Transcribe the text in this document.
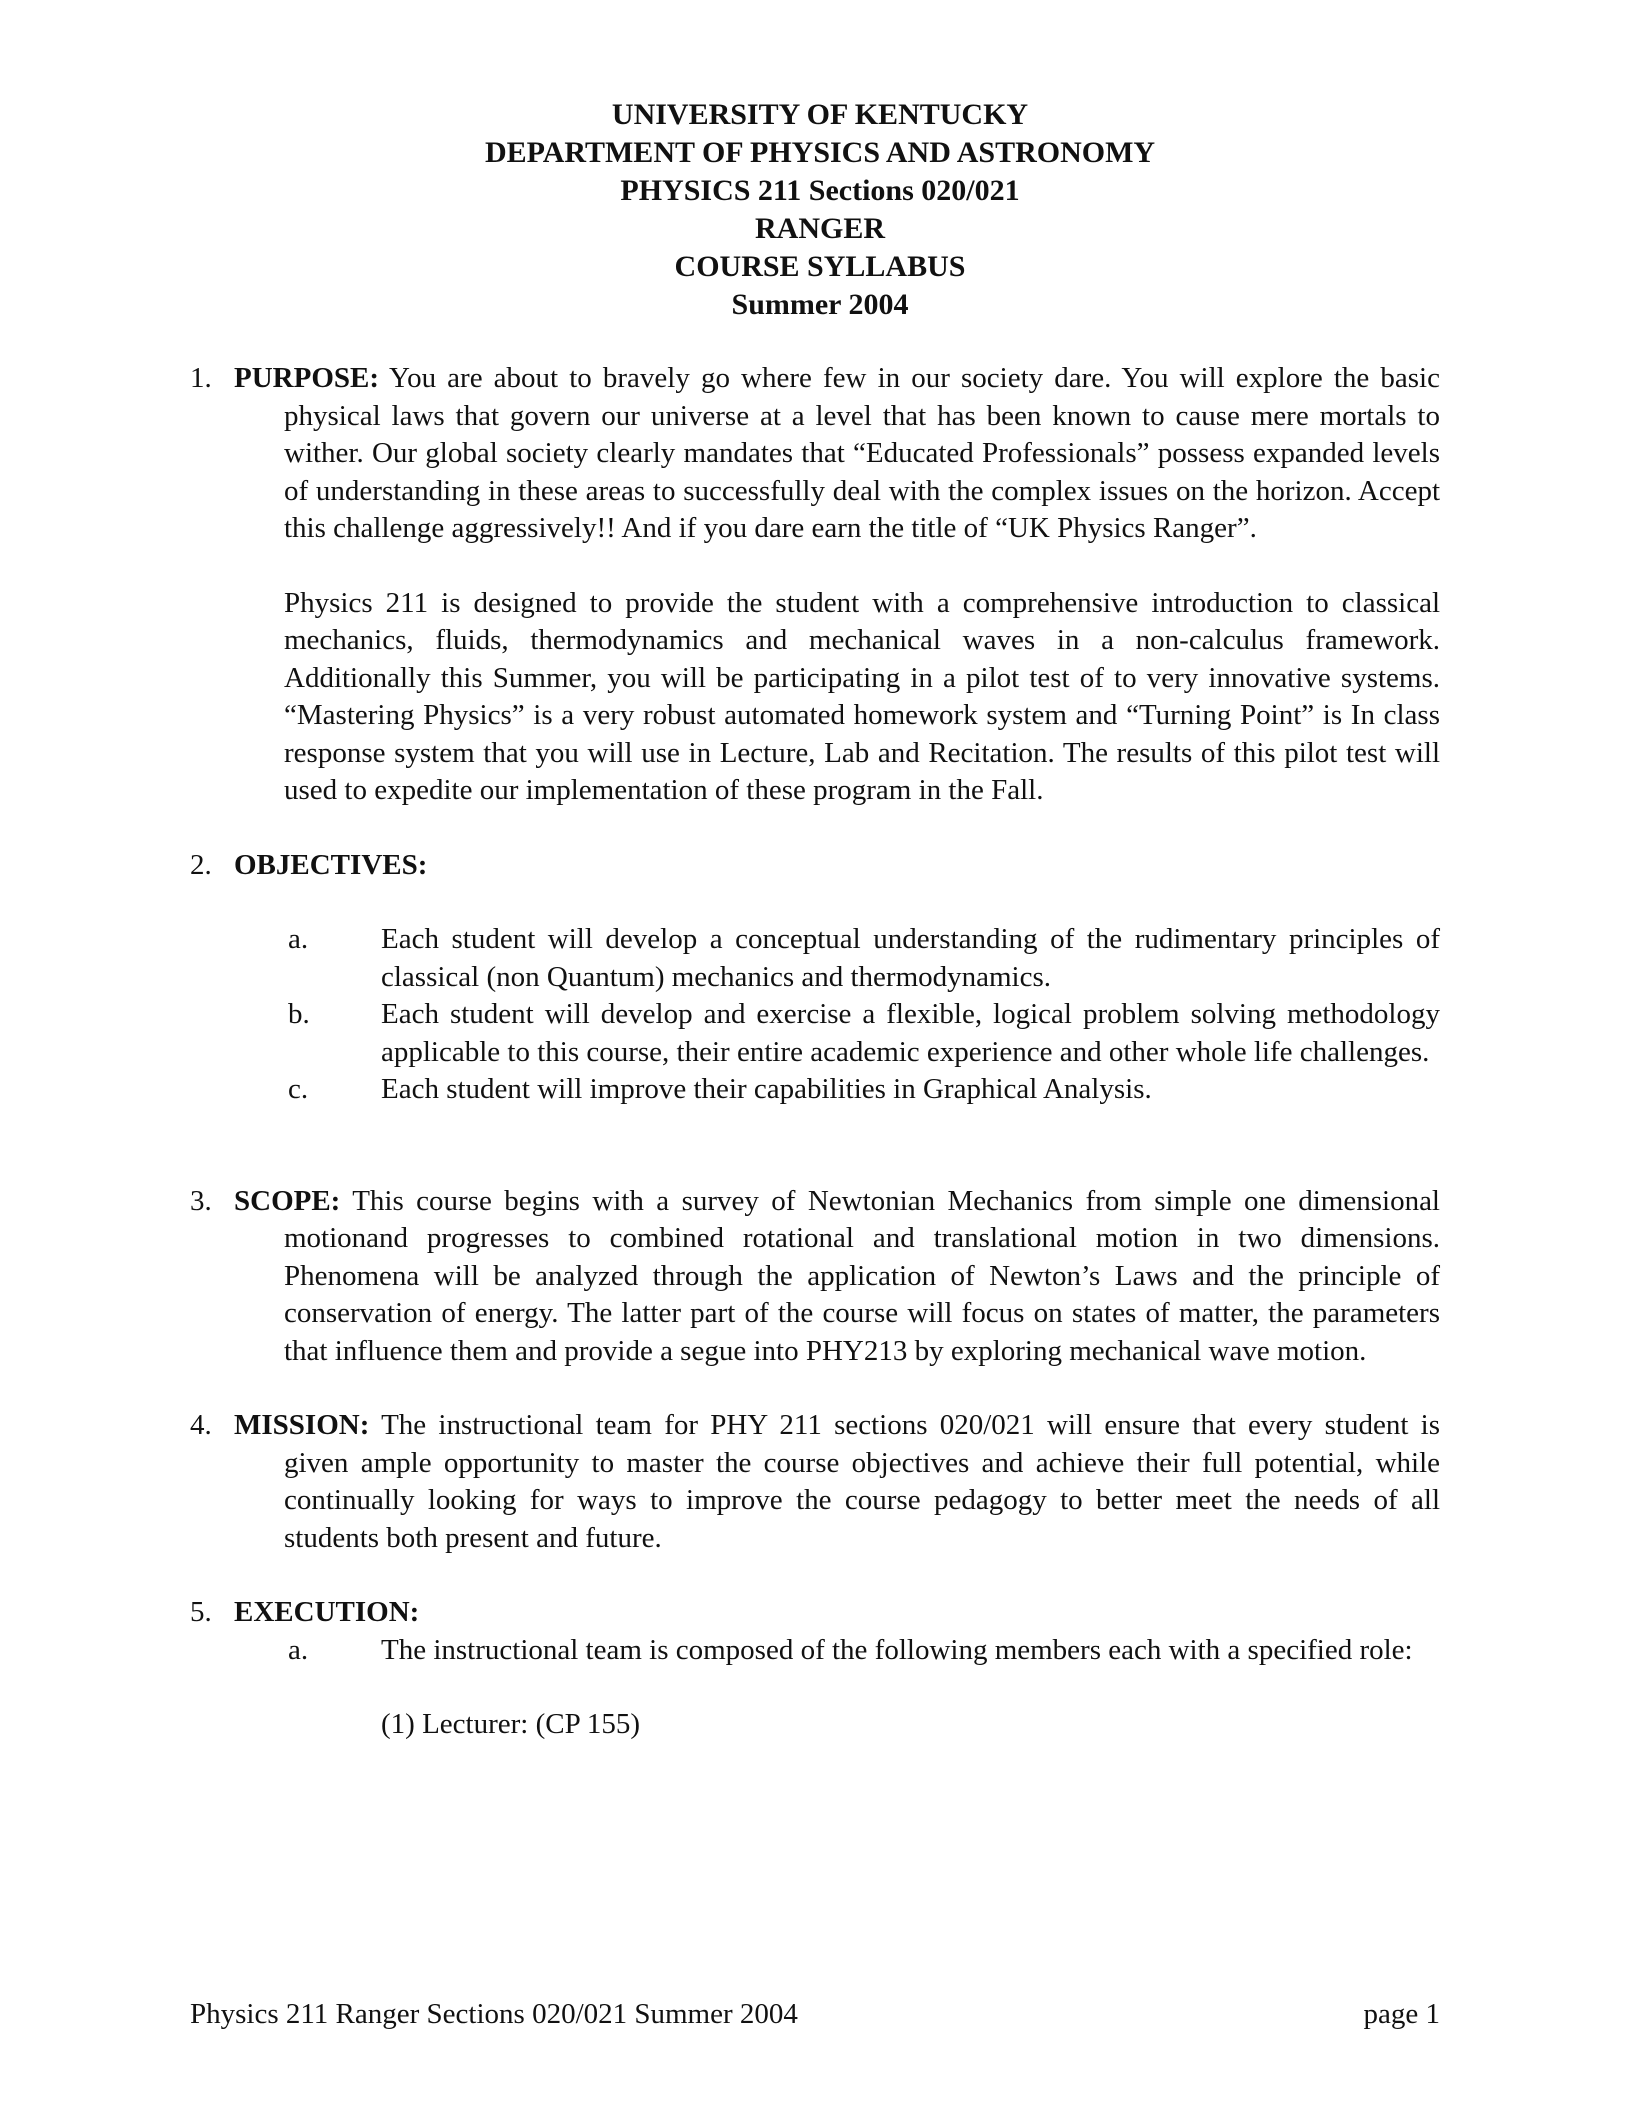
UNIVERSITY OF KENTUCKY

DEPARTMENT OF PHYSICS AND ASTRONOMY

PHYSICS 211 Sections 020/021

RANGER

COURSE SYLLABUS

Summer 2004

1. PURPOSE: You are about to bravely go where few in our society dare. You will explore the basic physical laws that govern our universe at a level that has been known to cause mere mortals to wither. Our global society clearly mandates that “Educated Professionals” possess expanded levels of understanding in these areas to successfully deal with the complex issues on the horizon. Accept this challenge aggressively!! And if you dare earn the title of “UK Physics Ranger”.

Physics 211 is designed to provide the student with a comprehensive introduction to classical mechanics, fluids, thermodynamics and mechanical waves in a non-calculus framework. Additionally this Summer, you will be participating in a pilot test of to very innovative systems. “Mastering Physics” is a very robust automated homework system and “Turning Point” is In class response system that you will use in Lecture, Lab and Recitation. The results of this pilot test will used to expedite our implementation of these program in the Fall.

2. OBJECTIVES:

a.	Each student will develop a conceptual understanding of the rudimentary principles of classical (non Quantum) mechanics and thermodynamics.
b. Each student will develop and exercise a flexible, logical problem solving methodology applicable to this course, their entire academic experience and other whole life challenges.
c.	Each student will improve their capabilities in Graphical Analysis.

3. SCOPE: This course begins with a survey of Newtonian Mechanics from simple one dimensional motionand progresses to combined rotational and translational motion in two dimensions. Phenomena will be analyzed through the application of Newton’s Laws and the principle of conservation of energy. The latter part of the course will focus on states of matter, the parameters that influence them and provide a segue into PHY213 by exploring mechanical wave motion.

4. MISSION: The instructional team for PHY 211 sections 020/021 will ensure that every student is given ample opportunity to master the course objectives and achieve their full potential, while continually looking for ways to improve the course pedagogy to better meet the needs of all students both present and future.

5. EXECUTION:

a.	The instructional team is composed of the following members each with a specified role:

(1) Lecturer: (CP 155)

Physics 211 Ranger Sections 020/021 Summer 2004	page 1
